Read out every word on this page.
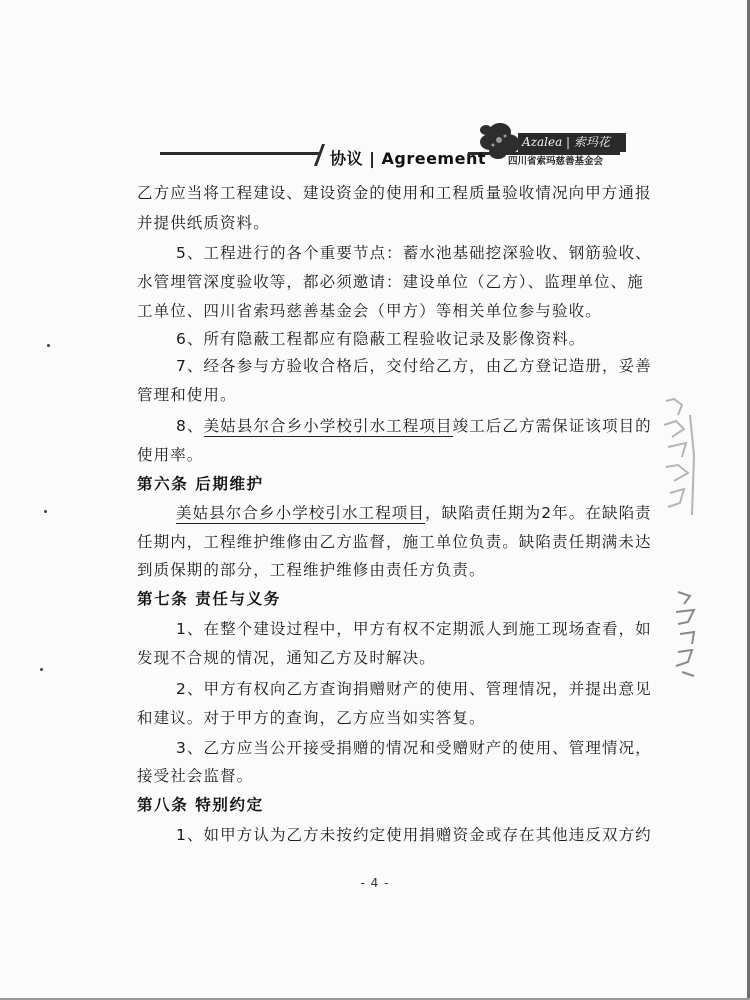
协议 | Agreement
Azalea | 索玛花
四川省索玛慈善基金会
乙方应当将工程建设、建设资金的使用和工程质量验收情况向甲方通报
并提供纸质资料。
5、工程进行的各个重要节点：蓄水池基础挖深验收、钢筋验收、
水管埋管深度验收等，都必须邀请：建设单位（乙方）、监理单位、施
工单位、四川省索玛慈善基金会（甲方）等相关单位参与验收。
6、所有隐蔽工程都应有隐蔽工程验收记录及影像资料。
7、经各参与方验收合格后，交付给乙方，由乙方登记造册，妥善
管理和使用。
8、美姑县尔合乡小学校引水工程项目竣工后乙方需保证该项目的
使用率。
第六条 后期维护
美姑县尔合乡小学校引水工程项目，缺陷责任期为2年。在缺陷责
任期内，工程维护维修由乙方监督，施工单位负责。缺陷责任期满未达
到质保期的部分，工程维护维修由责任方负责。
第七条 责任与义务
1、在整个建设过程中，甲方有权不定期派人到施工现场查看，如
发现不合规的情况，通知乙方及时解决。
2、甲方有权向乙方查询捐赠财产的使用、管理情况，并提出意见
和建议。对于甲方的查询，乙方应当如实答复。
3、乙方应当公开接受捐赠的情况和受赠财产的使用、管理情况，
接受社会监督。
第八条 特别约定
1、如甲方认为乙方未按约定使用捐赠资金或存在其他违反双方约
- 4 -
